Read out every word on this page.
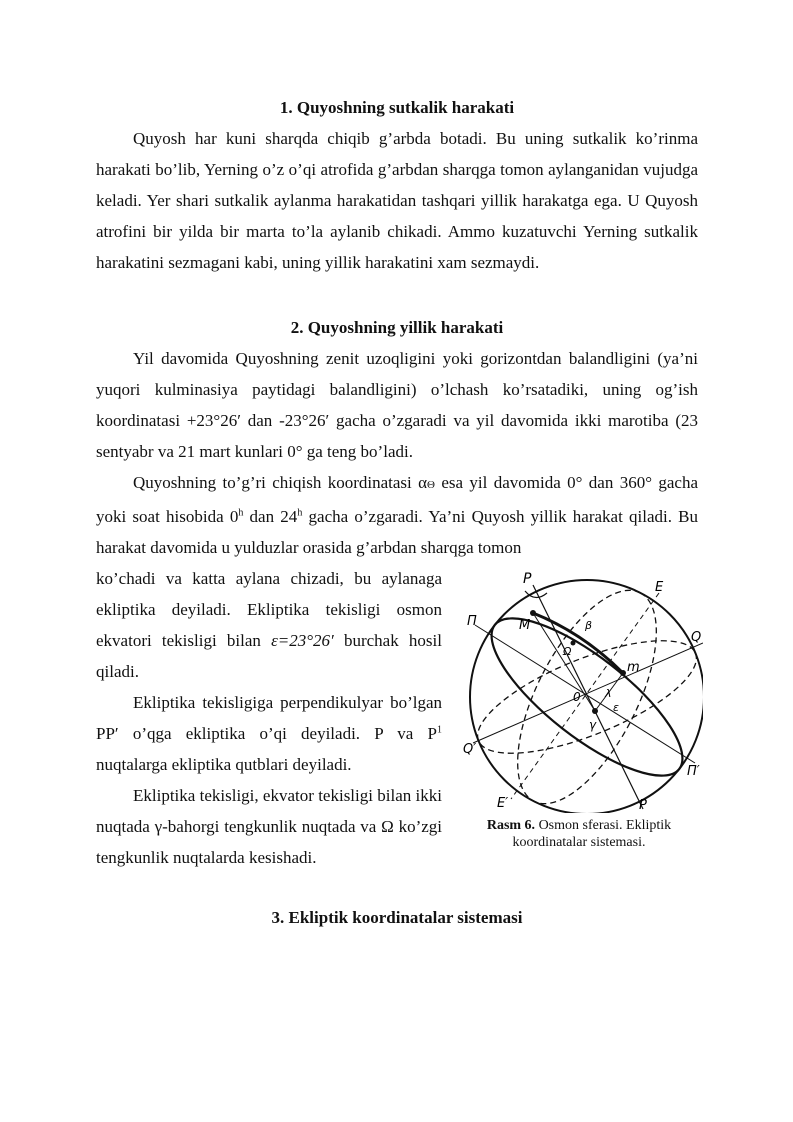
1. Quyoshning sutkalik harakati

Quyosh har kuni sharqda chiqib g’arbda botadi. Bu uning sutkalik ko’rinma harakati bo’lib, Yerning o’z o’qi atrofida g’arbdan sharqga tomon aylanganidan vujudga keladi. Yer shari sutkalik aylanma harakatidan tashqari yillik harakatga ega. U Quyosh atrofini bir yilda bir marta to’la aylanib chikadi. Ammo kuzatuvchi Yerning sutkalik harakatini sezmagani kabi, uning yillik harakatini xam sezmaydi.

2. Quyoshning yillik harakati

Yil davomida Quyoshning zenit uzoqligini yoki gorizontdan balandligini (ya’ni yuqori kulminasiya paytidagi balandligini) o’lchash ko’rsatadiki, uning og’ish koordinatasi +23°26′ dan -23°26′ gacha o’zgaradi va yil davomida ikki marotiba (23 sentyabr va 21 mart kunlari 0° ga teng bo’ladi.

Quyoshning to’g’ri chiqish koordinatasi αΘ esa yil davomida 0° dan 360° gacha yoki soat hisobida 0$^h$ dan 24$^h$ gacha o’zgaradi. Ya’ni Quyosh yillik harakat qiladi. Bu harakat davomida u yulduzlar orasida g’arbdan sharqga tomon

ko’chadi va katta aylana chizadi, bu aylanaga ekliptika deyiladi. Ekliptika tekisligi osmon ekvatori tekisligi bilan ε=23°26′ burchak hosil qiladi.

Ekliptika tekisligiga perpendikulyar bo’lgan PP′ o’qga ekliptika o’qi deyiladi. P va $P^1$ nuqtalarga ekliptika qutblari deyiladi.

Ekliptika tekisligi, ekvator tekisligi bilan ikki nuqtada γ-bahorgi tengkunlik nuqtada va Ω ko’zgi tengkunlik nuqtalarda kesishadi.

P
E
Π	M	β
Q
Ω
m
0 λ
ε
γ
Q′
Π′
E′	P
Rasm 6. Osmon sferasi. Ekliptik koordinatalar sistemasi.
3. Ekliptik koordinatalar sistemasi
